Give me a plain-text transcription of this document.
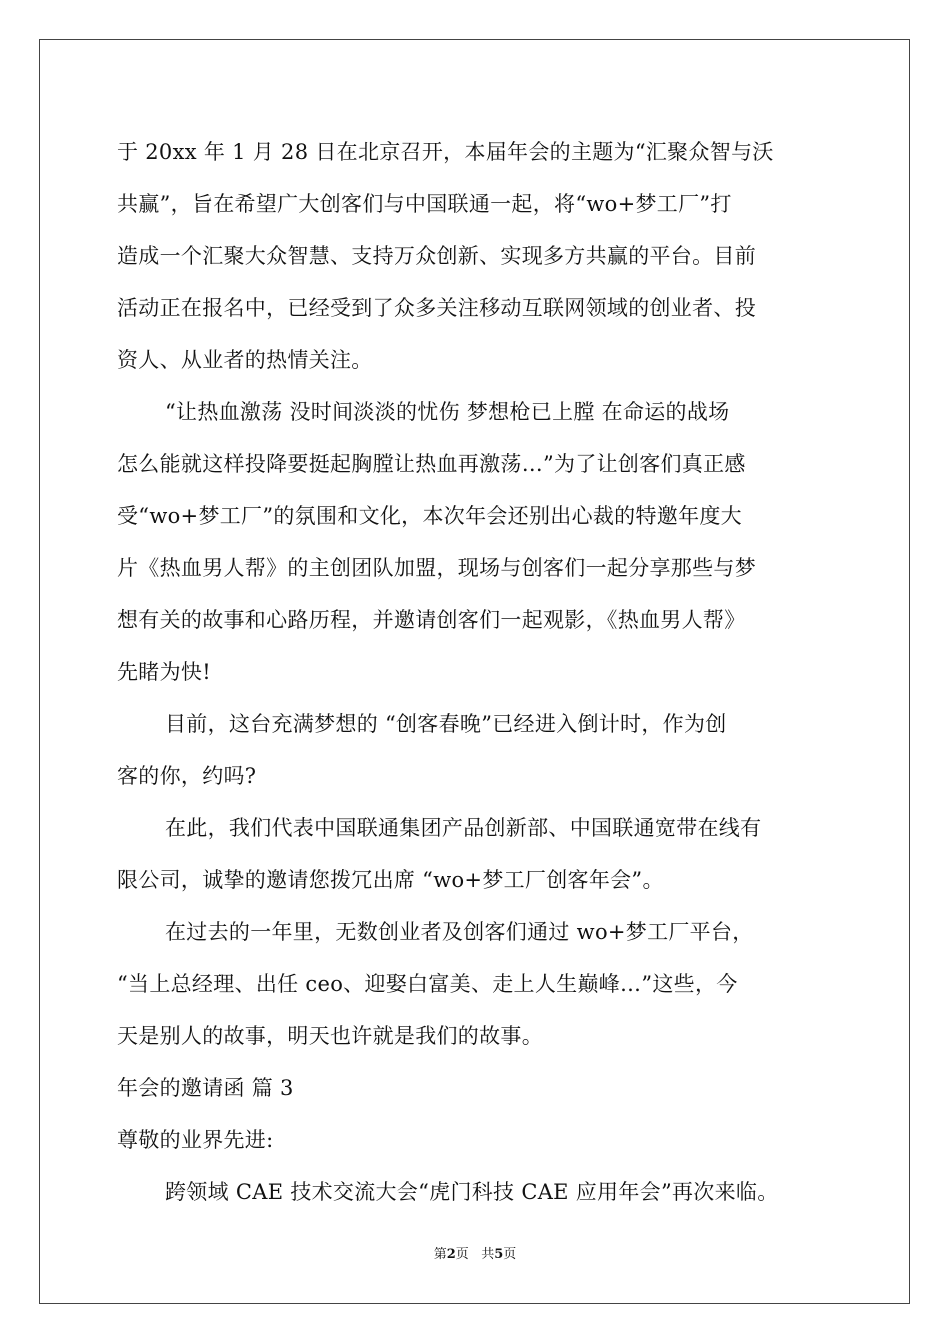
于 20xx 年 1 月 28 日在北京召开，本届年会的主题为“汇聚众智与沃
共赢”，旨在希望广大创客们与中国联通一起，将“wo+梦工厂”打
造成一个汇聚大众智慧、支持万众创新、实现多方共赢的平台。目前
活动正在报名中，已经受到了众多关注移动互联网领域的创业者、投
资人、从业者的热情关注。
“让热血激荡 没时间淡淡的忧伤 梦想枪已上膛 在命运的战场
怎么能就这样投降要挺起胸膛让热血再激荡…”为了让创客们真正感
受“wo+梦工厂”的氛围和文化，本次年会还别出心裁的特邀年度大
片《热血男人帮》的主创团队加盟，现场与创客们一起分享那些与梦
想有关的故事和心路历程，并邀请创客们一起观影，《热血男人帮》
先睹为快!
目前，这台充满梦想的 “创客春晚”已经进入倒计时，作为创
客的你，约吗?
在此，我们代表中国联通集团产品创新部、中国联通宽带在线有
限公司，诚挚的邀请您拨冗出席 “wo+梦工厂创客年会”。
在过去的一年里，无数创业者及创客们通过 wo+梦工厂平台，
“当上总经理、出任 ceo、迎娶白富美、走上人生巅峰…”这些，今
天是别人的故事，明天也许就是我们的故事。
年会的邀请函 篇 3
尊敬的业界先进:
跨领域 CAE 技术交流大会“虎门科技 CAE 应用年会”再次来临。
第2页 共5页
